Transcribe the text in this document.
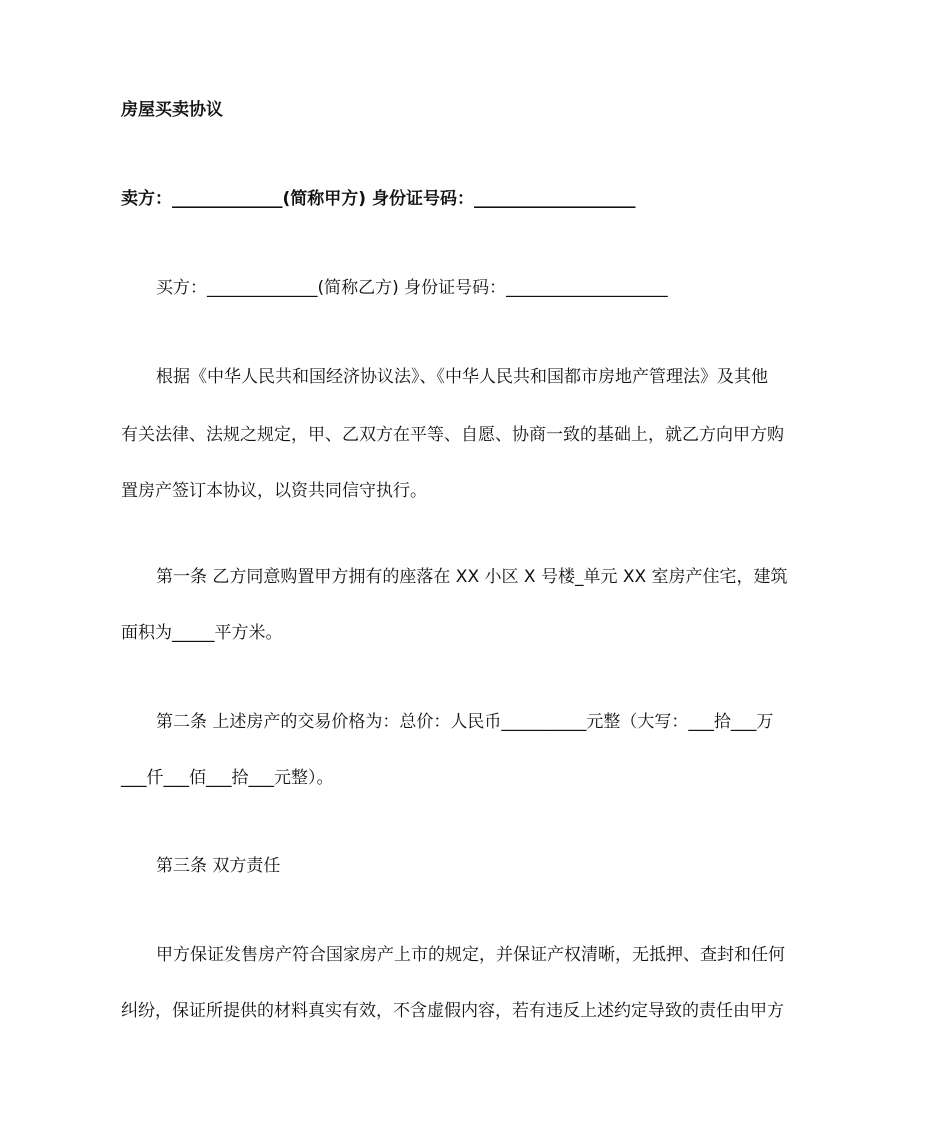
房屋买卖协议
卖方：_____________(简称甲方) 身份证号码：___________________
买方：_____________(简称乙方) 身份证号码：___________________
根据《中华人民共和国经济协议法》、《中华人民共和国都市房地产管理法》及其他
有关法律、法规之规定，甲、乙双方在平等、自愿、协商一致的基础上，就乙方向甲方购
置房产签订本协议，以资共同信守执行。
第一条 乙方同意购置甲方拥有的座落在 XX 小区 X 号楼_单元 XX 室房产住宅，建筑
面积为_____平方米。
第二条 上述房产的交易价格为：总价：人民币__________元整（大写：___拾___万
___仟___佰___拾___元整）。
第三条 双方责任
甲方保证发售房产符合国家房产上市的规定，并保证产权清晰，无抵押、查封和任何
纠纷，保证所提供的材料真实有效，不含虚假内容，若有违反上述约定导致的责任由甲方
